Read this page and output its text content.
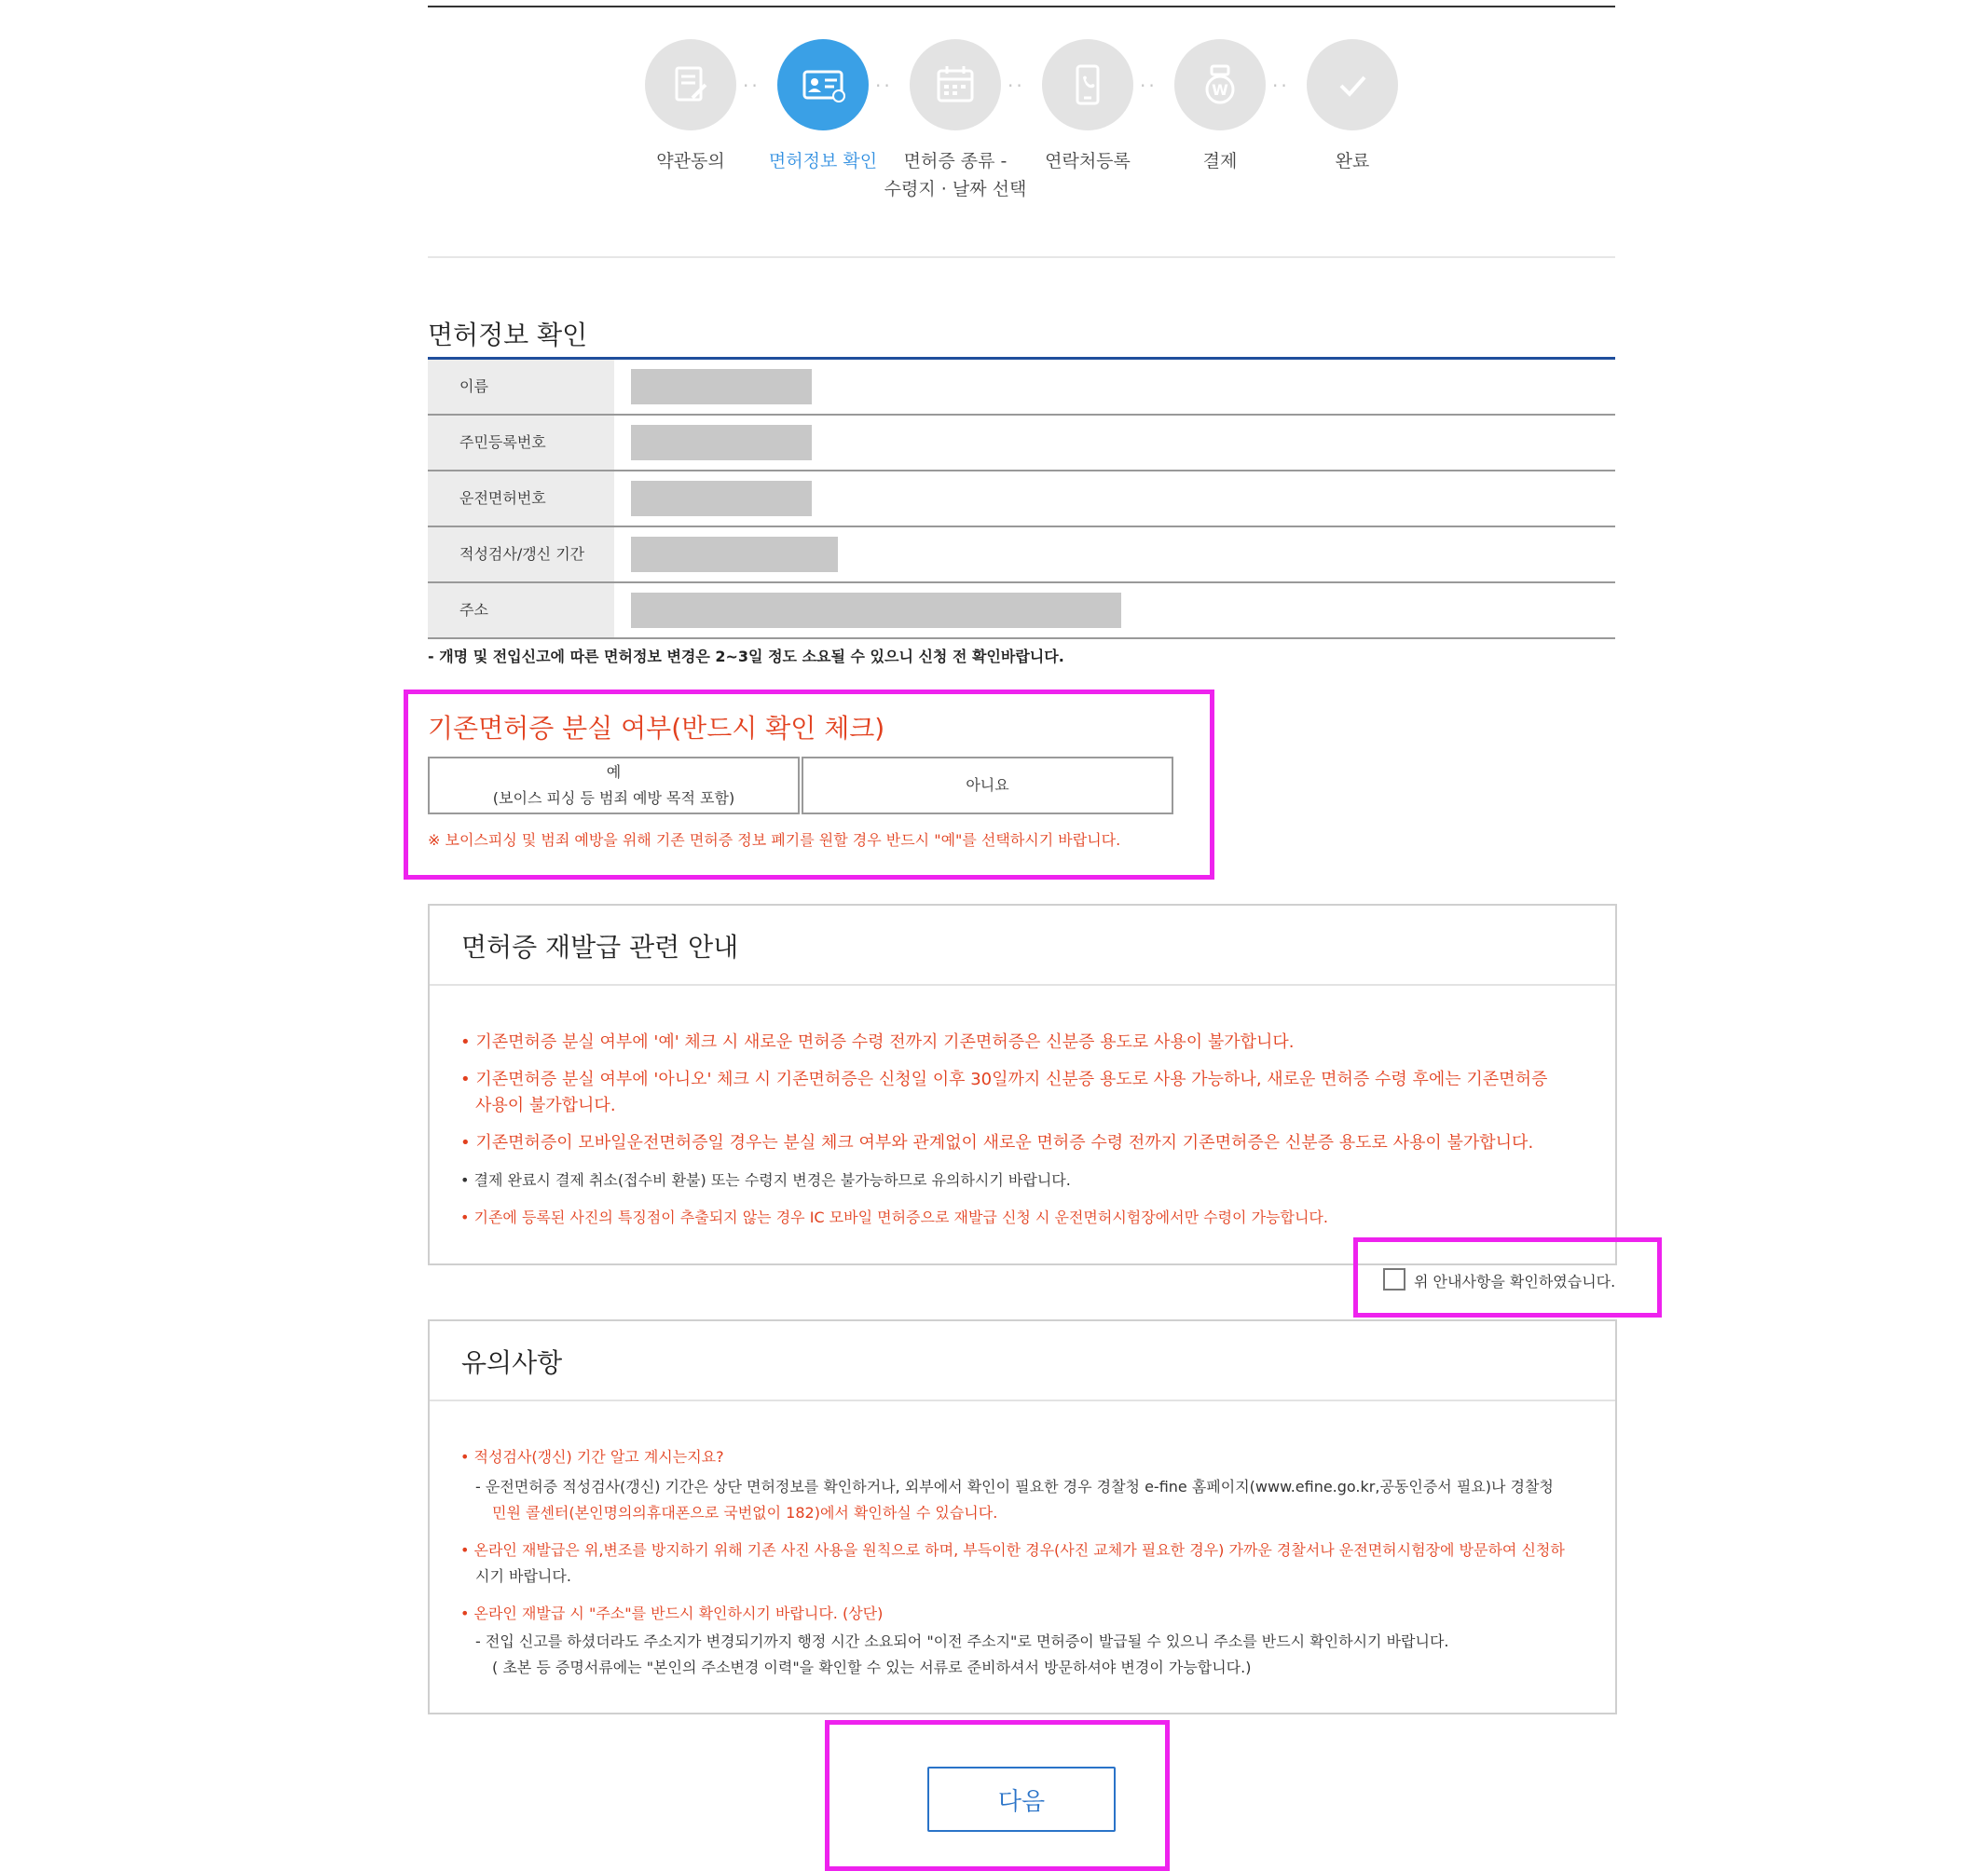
··	··	··	··	W ··
약관동의	면허정보 확인	면허증 종류 -
수령지 · 날짜 선택
연락처등록	결제	완료
면허정보 확인
이름
주민등록번호
운전면허번호
적성검사/갱신 기간
주소
- 개명 및 전입신고에 따른 면허정보 변경은 2~3일 정도 소요될 수 있으니 신청 전 확인바랍니다.
기존면허증 분실 여부(반드시 확인 체크)
예
(보이스 피싱 등 범죄 예방 목적 포함)
아니요
※ 보이스피싱 및 범죄 예방을 위해 기존 면허증 정보 폐기를 원할 경우 반드시 "예"를 선택하시기 바랍니다.
면허증 재발급 관련 안내
• 기존면허증 분실 여부에 '예' 체크 시 새로운 면허증 수령 전까지 기존면허증은 신분증 용도로 사용이 불가합니다.
• 기존면허증 분실 여부에 '아니오' 체크 시 기존면허증은 신청일 이후 30일까지 신분증 용도로 사용 가능하나, 새로운 면허증 수령 후에는 기존면허증
사용이 불가합니다.
• 기존면허증이 모바일운전면허증일 경우는 분실 체크 여부와 관계없이 새로운 면허증 수령 전까지 기존면허증은 신분증 용도로 사용이 불가합니다.
• 결제 완료시 결제 취소(접수비 환불) 또는 수령지 변경은 불가능하므로 유의하시기 바랍니다.
• 기존에 등록된 사진의 특징점이 추출되지 않는 경우 IC 모바일 면허증으로 재발급 신청 시 운전면허시험장에서만 수령이 가능합니다.
위 안내사항을 확인하였습니다.
유의사항
• 적성검사(갱신) 기간 알고 계시는지요?
- 운전면허증 적성검사(갱신) 기간은 상단 면허정보를 확인하거나, 외부에서 확인이 필요한 경우 경찰청 e-fine 홈페이지(www.efine.go.kr,공동인증서 필요)나 경찰청
민원 콜센터(본인명의의휴대폰으로 국번없이 182)에서 확인하실 수 있습니다.
• 온라인 재발급은 위,변조를 방지하기 위해 기존 사진 사용을 원칙으로 하며, 부득이한 경우(사진 교체가 필요한 경우) 가까운 경찰서나 운전면허시험장에 방문하여 신청하
시기 바랍니다.
• 온라인 재발급 시 "주소"를 반드시 확인하시기 바랍니다. (상단)
- 전입 신고를 하셨더라도 주소지가 변경되기까지 행정 시간 소요되어 "이전 주소지"로 면허증이 발급될 수 있으니 주소를 반드시 확인하시기 바랍니다.
( 초본 등 증명서류에는 "본인의 주소변경 이력"을 확인할 수 있는 서류로 준비하셔서 방문하셔야 변경이 가능합니다.)
다음
